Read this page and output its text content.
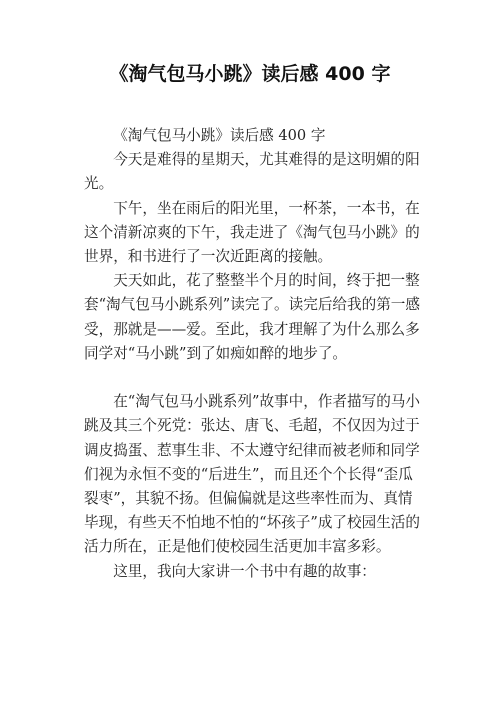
《淘气包马小跳》读后感 400 字

《淘气包马小跳》读后感 400 字

今天是难得的星期天，尤其难得的是这明媚的阳光。

下午，坐在雨后的阳光里，一杯茶，一本书，在这个清新凉爽的下午，我走进了《淘气包马小跳》的世界，和书进行了一次近距离的接触。

天天如此，花了整整半个月的时间，终于把一整套“淘气包马小跳系列”读完了。读完后给我的第一感受，那就是——爱。至此，我才理解了为什么那么多同学对“马小跳”到了如痴如醉的地步了。

在“淘气包马小跳系列”故事中，作者描写的马小跳及其三个死党：张达、唐飞、毛超，不仅因为过于调皮捣蛋、惹事生非、不太遵守纪律而被老师和同学们视为永恒不变的“后进生”，而且还个个长得“歪瓜裂枣”，其貌不扬。但偏偏就是这些率性而为、真情毕现，有些天不怕地不怕的“坏孩子”成了校园生活的活力所在，正是他们使校园生活更加丰富多彩。

这里，我向大家讲一个书中有趣的故事：
